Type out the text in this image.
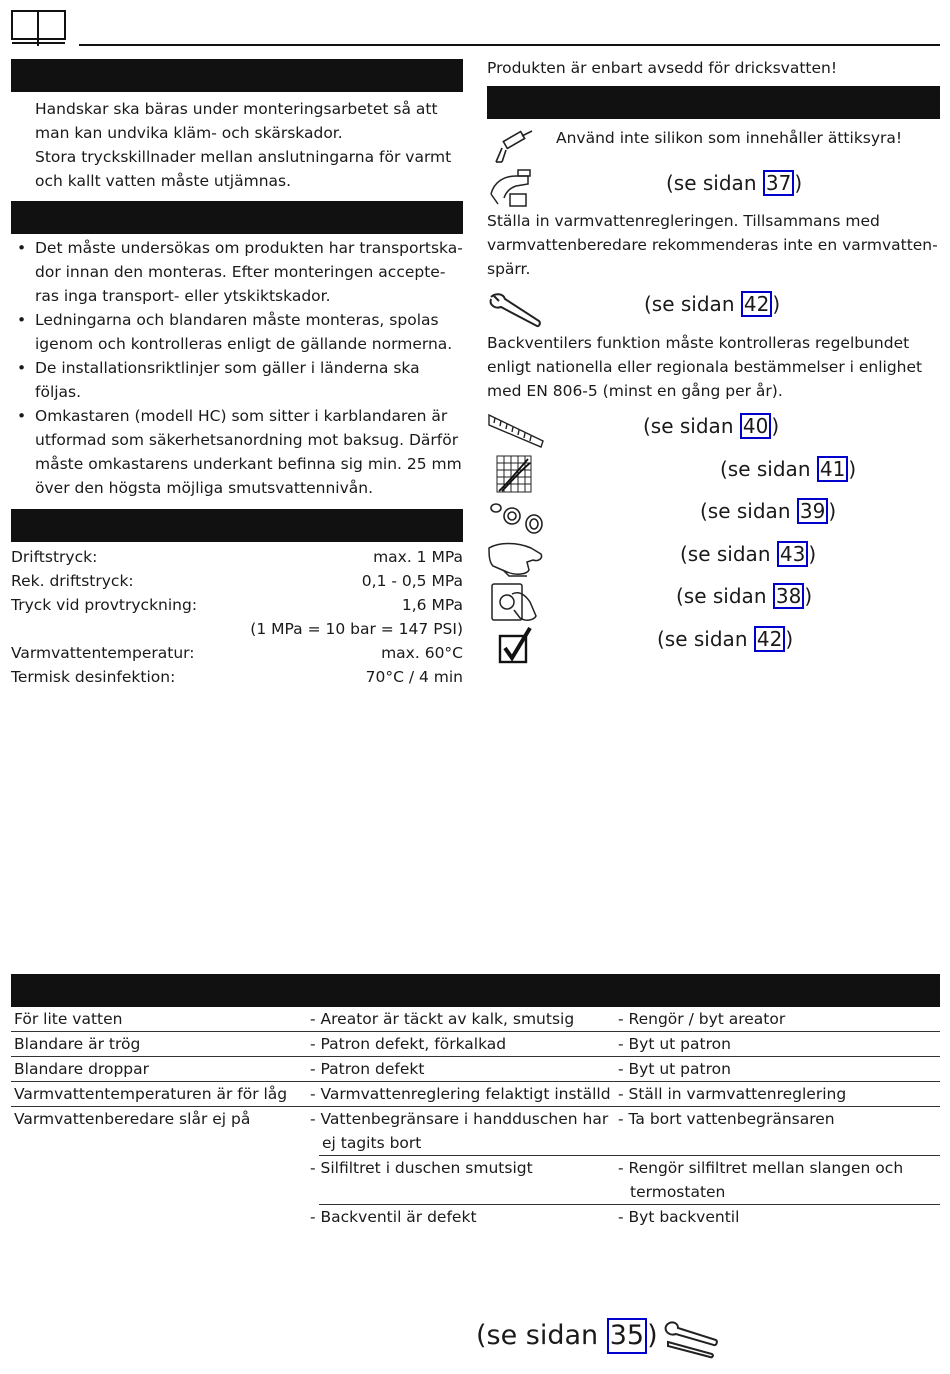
Handskar ska bäras under monteringsarbetet så att
man kan undvika kläm- och skärskador.
Stora tryckskillnader mellan anslutningarna för varmt
och kallt vatten måste utjämnas.
• Det måste undersökas om produkten har transportska-dor innan den monteras. Efter monteringen accepte-ras inga transport- eller ytskiktskador.
• Ledningarna och blandaren måste monteras, spolas igenom och kontrolleras enligt de gällande normerna.
• De installationsriktlinjer som gäller i länderna ska följas.
• Omkastaren (modell HC) som sitter i karblandaren är utformad som säkerhetsanordning mot baksug. Därför måste omkastarens underkant befinna sig min. 25 mm över den högsta möjliga smutsvattennivån.
Driftstryck:	max. 1 MPa
Rek. driftstryck:	0,1 - 0,5 MPa
Tryck vid provtryckning:	1,6 MPa
(1 MPa = 10 bar = 147 PSI)
Varmvattentemperatur:	max. 60°C
Termisk desinfektion:	70°C / 4 min
Produkten är enbart avsedd för dricksvatten!
Använd inte silikon som innehåller ättiksyra!
(se sidan 37 )
Ställa in varmvattenregleringen. Tillsammans med
varmvattenberedare rekommenderas inte en varmvatten-
spärr.
(se sidan 42 )
Backventilers funktion måste kontrolleras regelbundet
enligt nationella eller regionala bestämmelser i enlighet
med EN 806-5 (minst en gång per år).
(se sidan 40 )
(se sidan 41 )
(se sidan 39 )
(se sidan 43 )
(se sidan 38 )
(se sidan 42 )
För lite vatten	- Areator är täckt av kalk, smutsig	- Rengör / byt areator
Blandare är trög	- Patron defekt, förkalkad	- Byt ut patron
Blandare droppar	- Patron defekt	- Byt ut patron
Varmvattentemperaturen är för låg	- Varmvattenreglering felaktigt inställd	- Ställ in varmvattenreglering
Varmvattenberedare slår ej på	- Vattenbegränsare i handduschen har ej tagits bort	- Ta bort vattenbegränsaren
	- Silfiltret i duschen smutsigt	- Rengör silfiltret mellan slangen och termostaten
	- Backventil är defekt	- Byt backventil
(se sidan 35 )
